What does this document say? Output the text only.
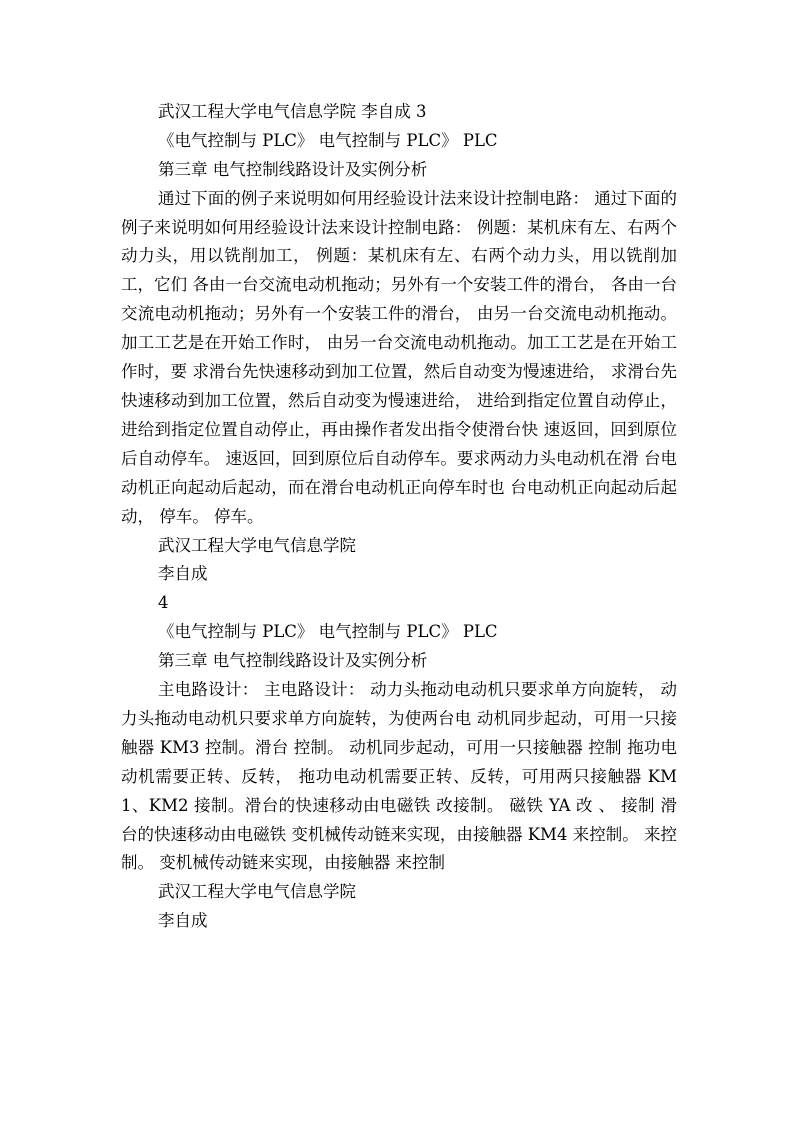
武汉工程大学电气信息学院 李自成 3

《电气控制与 PLC》 电气控制与 PLC》 PLC

第三章 电气控制线路设计及实例分析

通过下面的例子来说明如何用经验设计法来设计控制电路： 通过下面的例子来说明如何用经验设计法来设计控制电路： 例题：某机床有左、右两个动力头，用以铣削加工， 例题：某机床有左、右两个动力头，用以铣削加工，它们 各由一台交流电动机拖动；另外有一个安装工件的滑台， 各由一台交流电动机拖动；另外有一个安装工件的滑台， 由另一台交流电动机拖动。加工工艺是在开始工作时， 由另一台交流电动机拖动。加工工艺是在开始工作时，要 求滑台先快速移动到加工位置，然后自动变为慢速进给， 求滑台先快速移动到加工位置，然后自动变为慢速进给， 进给到指定位置自动停止， 进给到指定位置自动停止，再由操作者发出指令使滑台快 速返回，回到原位后自动停车。 速返回，回到原位后自动停车。要求两动力头电动机在滑 台电动机正向起动后起动，而在滑台电动机正向停车时也 台电动机正向起动后起动， 停车。 停车。

武汉工程大学电气信息学院

李自成

4

《电气控制与 PLC》 电气控制与 PLC》 PLC

第三章 电气控制线路设计及实例分析

主电路设计： 主电路设计： 动力头拖动电动机只要求单方向旋转， 动力头拖动电动机只要求单方向旋转，为使两台电 动机同步起动，可用一只接触器 KM3 控制。滑台 控制。 动机同步起动，可用一只接触器 控制 拖功电动机需要正转、反转， 拖功电动机需要正转、反转，可用两只接触器 KM1、KM2 接制。滑台的快速移动由电磁铁 改接制。 磁铁 YA 改 、 接制 滑台的快速移动由电磁铁 变机械传动链来实现，由接触器 KM4 来控制。 来控制。 变机械传动链来实现，由接触器 来控制

武汉工程大学电气信息学院

李自成
